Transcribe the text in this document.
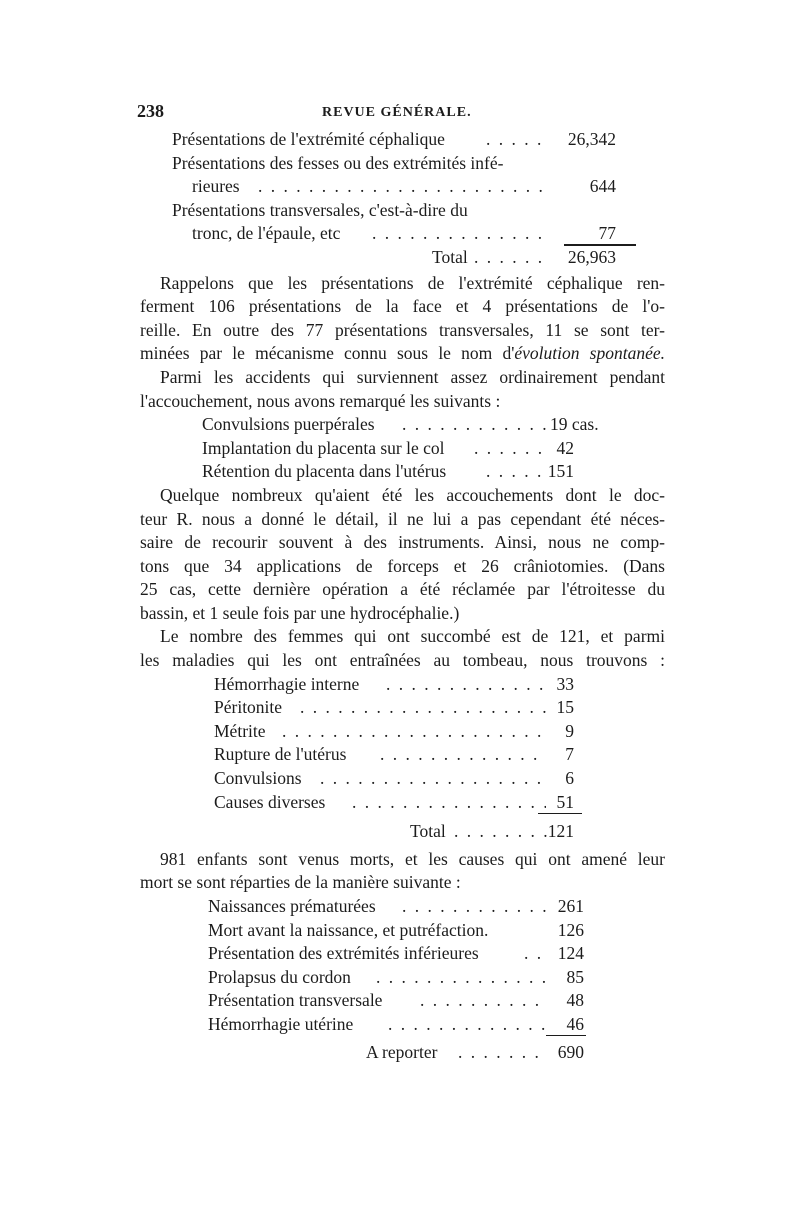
238	REVUE GÉNÉRALE.
Présentations de l'extrémité céphalique . . .	26,342
Présentations des fesses ou des extrémités infé-
rieures . . .	644
Présentations transversales, c'est-à-dire du
tronc, de l'épaule, etc . . .	77
Total . . .	26,963
Rappelons que les présentations de l'extrémité céphalique ren-
ferment 106 présentations de la face et 4 présentations de l'o-
reille. En outre des 77 présentations transversales, 11 se sont ter-
minées par le mécanisme connu sous le nom d'évolution spontanée.
Parmi les accidents qui surviennent assez ordinairement pendant
l'accouchement, nous avons remarqué les suivants :
Convulsions puerpérales . . .	19 cas.
Implantation du placenta sur le col . . .	42
Rétention du placenta dans l'utérus . . .	151
Quelque nombreux qu'aient été les accouchements dont le doc-
teur R. nous a donné le détail, il ne lui a pas cependant été néces-
saire de recourir souvent à des instruments. Ainsi, nous ne comp-
tons que 34 applications de forceps et 26 crâniotomies. (Dans
25 cas, cette dernière opération a été réclamée par l'étroitesse du
bassin, et 1 seule fois par une hydrocéphalie.)
Le nombre des femmes qui ont succombé est de 121, et parmi
les maladies qui les ont entraînées au tombeau, nous trouvons :
Hémorrhagie interne . . .	33
Péritonite . . .	15
Métrite . . .	9
Rupture de l'utérus . . .	7
Convulsions . . .	6
Causes diverses . . .	51
Total . . .	121
981 enfants sont venus morts, et les causes qui ont amené leur
mort se sont réparties de la manière suivante :
Naissances prématurées . . .	261
Mort avant la naissance, et putréfaction.	126
Présentation des extrémités inférieures . . .	124
Prolapsus du cordon . . .	85
Présentation transversale . . .	48
Hémorrhagie utérine . . .	46
A reporter . . .	690
